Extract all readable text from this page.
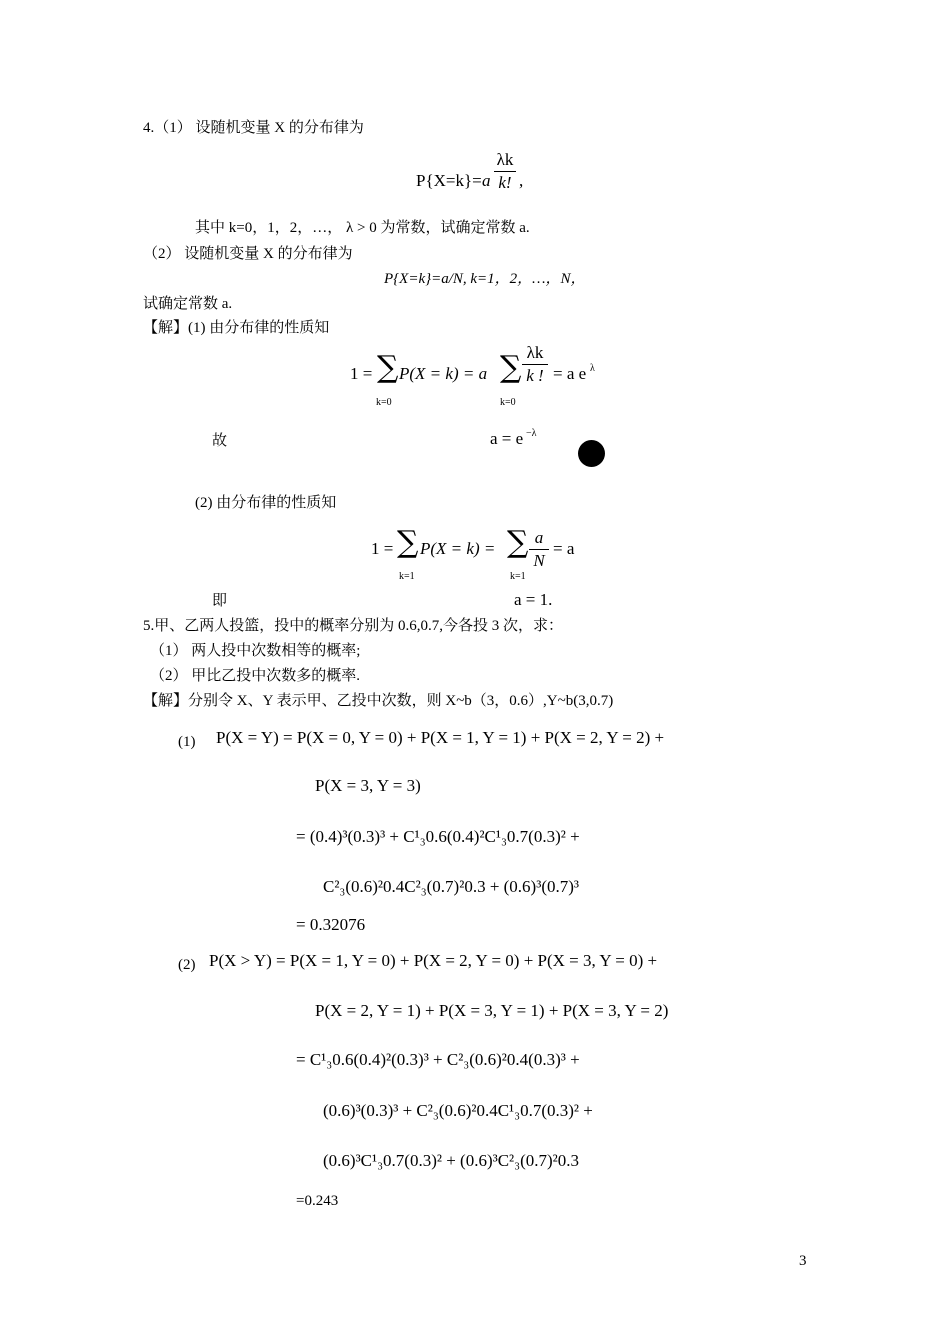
4.（1） 设随机变量 X 的分布律为
P{X=k}= a
λk
k! ,
其中 k=0，1，2，…， λ > 0 为常数，试确定常数 a.
（2） 设随机变量 X 的分布律为
P{X=k}=a/N, k=1，2，…，N，
试确定常数 a.
【解】(1) 由分布律的性质知
1 = ∑
k=0
P(X = k) = a ∑
k=0
λk
k ! = a e λ
故	a = e −λ
(2) 由分布律的性质知
1 = ∑
k=1
P(X = k) = ∑
k=1
a
N
= a
即	a = 1.
5.甲、乙两人投篮，投中的概率分别为 0.6,0.7,今各投 3 次，求：
（1） 两人投中次数相等的概率;
（2） 甲比乙投中次数多的概率.
【解】分别令 X、Y 表示甲、乙投中次数，则 X~b（3，0.6）,Y~b(3,0.7)
(1) P(X = Y) = P(X = 0, Y = 0) + P(X = 1, Y = 1) + P(X = 2, Y = 2) +
P(X = 3, Y = 3)
= (0.4)³(0.3)³ + C¹₃0.6(0.4)²C¹₃0.7(0.3)² +
C²₃(0.6)²0.4C²₃(0.7)²0.3 + (0.6)³(0.7)³
= 0.32076
(2) P(X > Y) = P(X = 1, Y = 0) + P(X = 2, Y = 0) + P(X = 3, Y = 0) +
P(X = 2, Y = 1) + P(X = 3, Y = 1) + P(X = 3, Y = 2)
= C¹₃0.6(0.4)²(0.3)³ + C²₃(0.6)²0.4(0.3)³ +
(0.6)³(0.3)³ + C²₃(0.6)²0.4C¹₃0.7(0.3)² +
(0.6)³C¹₃0.7(0.3)² + (0.6)³C²₃(0.7)²0.3
=0.243
3
